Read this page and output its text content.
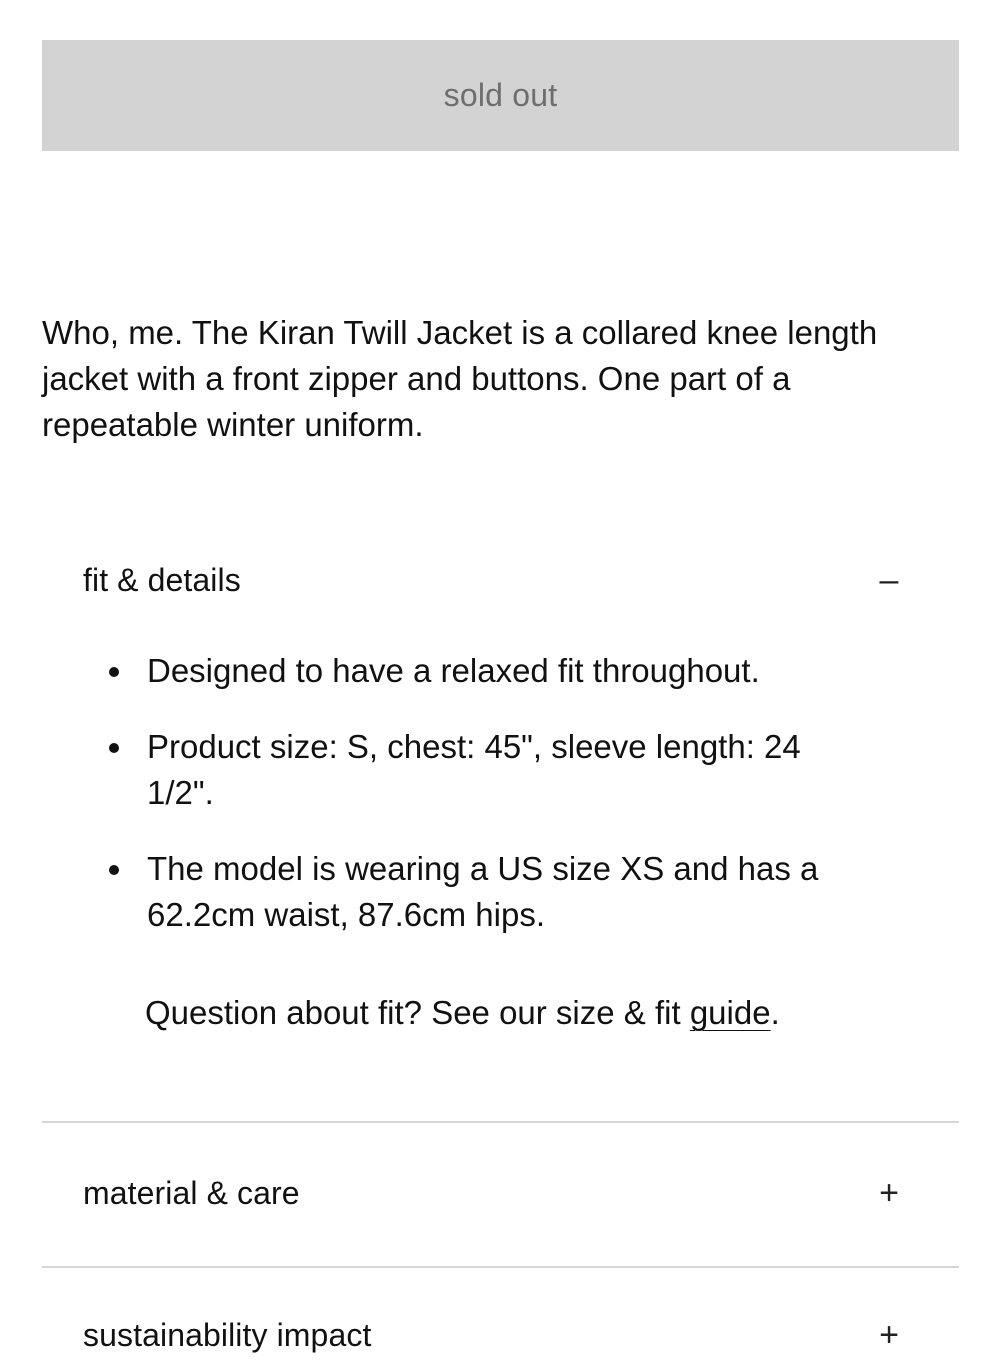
sold out

Who, me. The Kiran Twill Jacket is a collared knee length jacket with a front zipper and buttons. One part of a repeatable winter uniform.

fit & details	–
Designed to have a relaxed fit throughout.
Product size: S, chest: 45", sleeve length: 24 1/2".
The model is wearing a US size XS and has a 62.2cm waist, 87.6cm hips.

Question about fit? See our size & fit guide.

material & care	+
sustainability impact	+
